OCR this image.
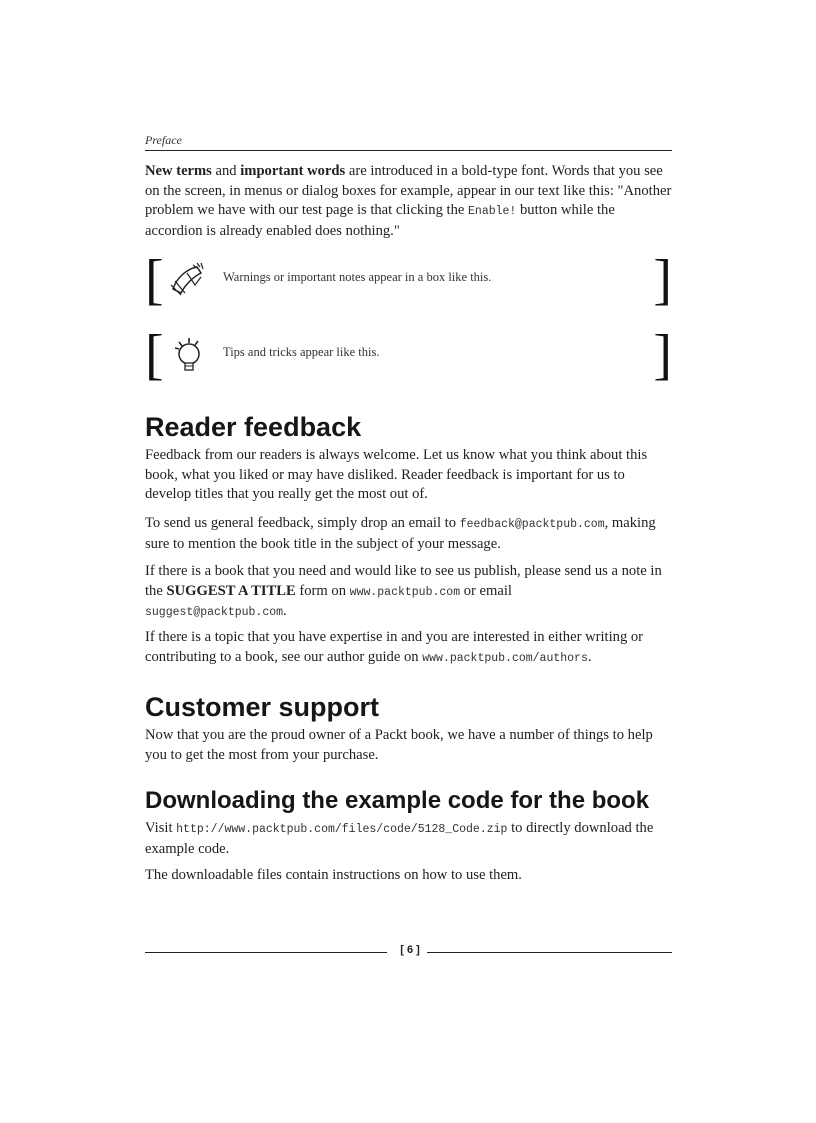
Preface

New terms and important words are introduced in a bold-type font. Words that you see on the screen, in menus or dialog boxes for example, appear in our text like this: "Another problem we have with our test page is that clicking the Enable! button while the accordion is already enabled does nothing."

[	Warnings or important notes appear in a box like this.	]
[	Tips and tricks appear like this.	]
Reader feedback

Feedback from our readers is always welcome. Let us know what you think about this book, what you liked or may have disliked. Reader feedback is important for us to develop titles that you really get the most out of.

To send us general feedback, simply drop an email to feedback@packtpub.com, making sure to mention the book title in the subject of your message.

If there is a book that you need and would like to see us publish, please send us a note in the SUGGEST A TITLE form on www.packtpub.com or email
suggest@packtpub.com.

If there is a topic that you have expertise in and you are interested in either writing or contributing to a book, see our author guide on www.packtpub.com/authors.

Customer support

Now that you are the proud owner of a Packt book, we have a number of things to help you to get the most from your purchase.

Downloading the example code for the book

Visit http://www.packtpub.com/files/code/5128_Code.zip to directly download the example code.

The downloadable files contain instructions on how to use them.

[ 6 ]
